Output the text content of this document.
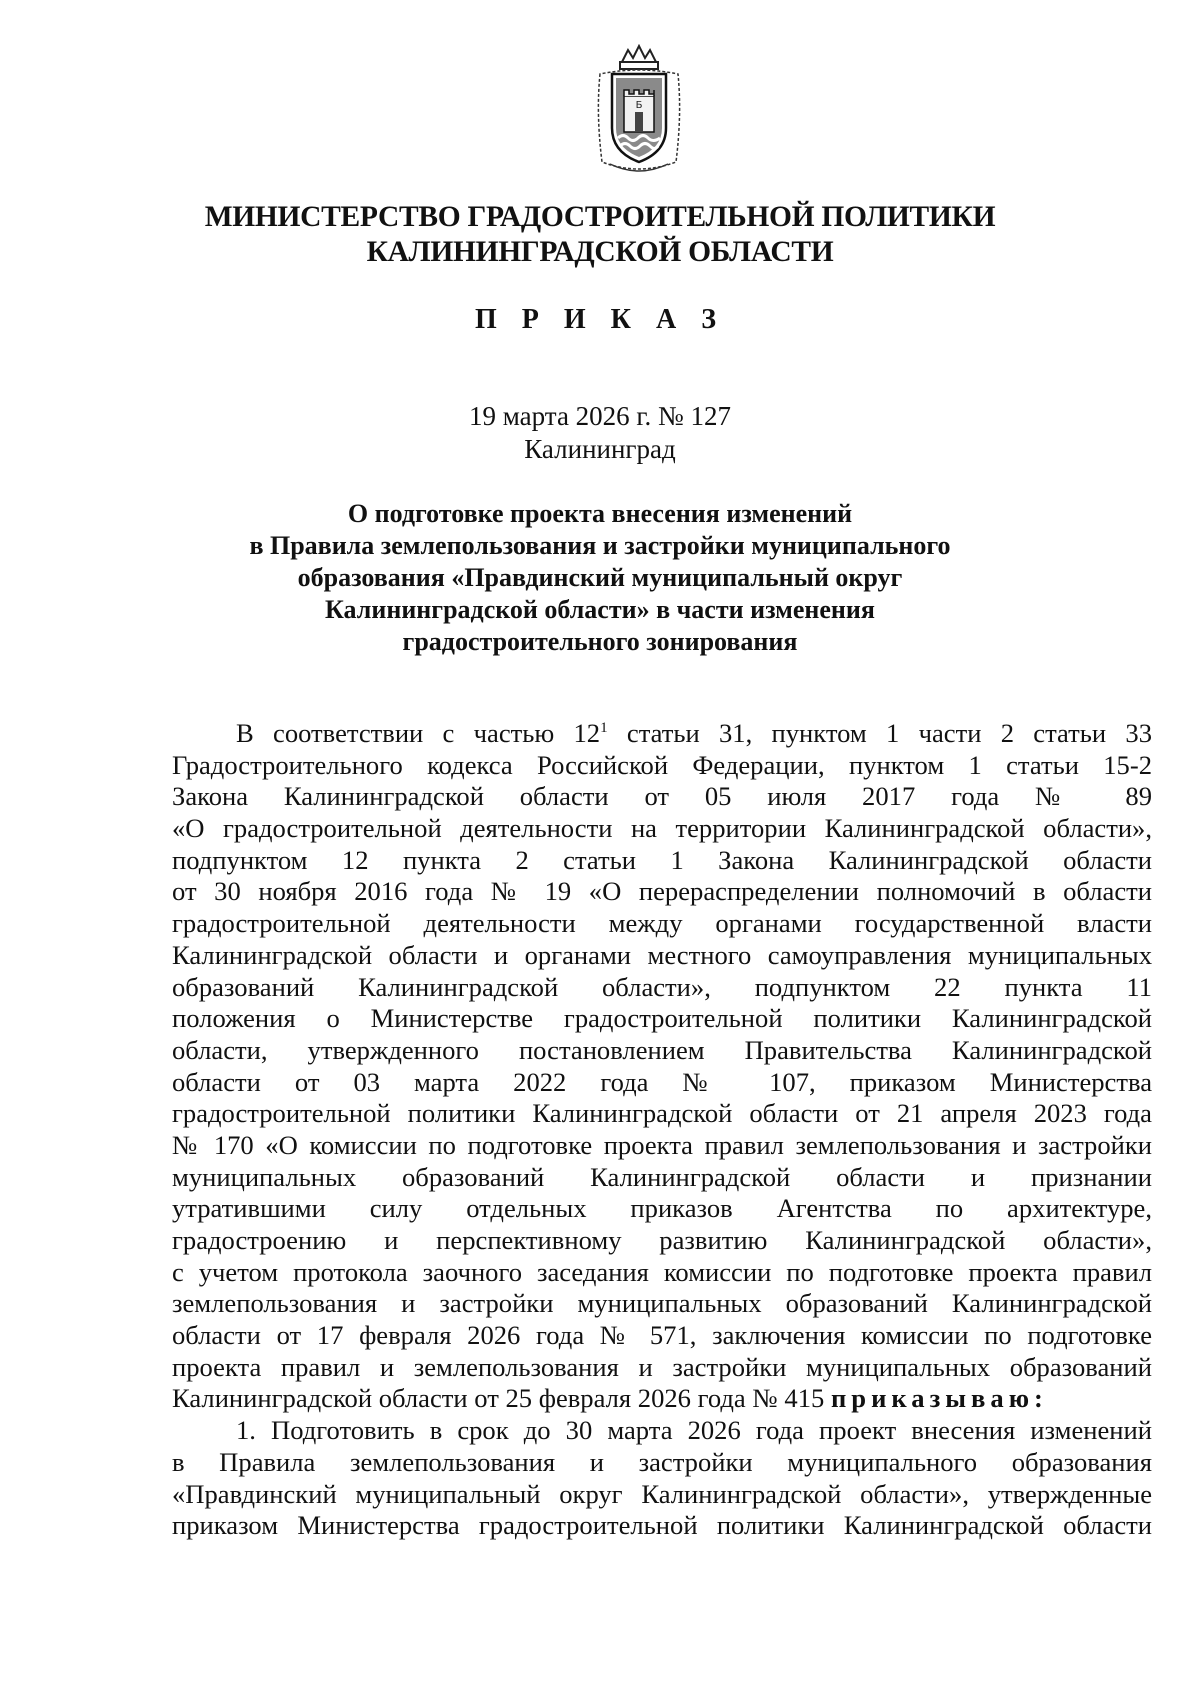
Б
МИНИСТЕРСТВО ГРАДОСТРОИТЕЛЬНОЙ ПОЛИТИКИ
КАЛИНИНГРАДСКОЙ ОБЛАСТИ
П Р И К А З
19 марта 2026 г. № 127
Калининград
О подготовке проекта внесения изменений
в Правила землепользования и застройки муниципального
образования «Правдинский муниципальный округ
Калининградской области» в части изменения
градостроительного зонирования
В соответствии с частью $12^1$ статьи 31, пунктом 1 части 2 статьи 33
Градостроительного кодекса Российской Федерации, пунктом 1 статьи 15-2
Закона Калининградской области от 05 июля 2017 года № 89
«О градостроительной деятельности на территории Калининградской области»,
подпунктом 12 пункта 2 статьи 1 Закона Калининградской области
от 30 ноября 2016 года № 19 «О перераспределении полномочий в области
градостроительной деятельности между органами государственной власти
Калининградской области и органами местного самоуправления муниципальных
образований Калининградской области», подпунктом 22 пункта 11
положения о Министерстве градостроительной политики Калининградской
области, утвержденного постановлением Правительства Калининградской
области от 03 марта 2022 года № 107, приказом Министерства
градостроительной политики Калининградской области от 21 апреля 2023 года
№ 170 «О комиссии по подготовке проекта правил землепользования и застройки
муниципальных образований Калининградской области и признании
утратившими силу отдельных приказов Агентства по архитектуре,
градостроению и перспективному развитию Калининградской области»,
с учетом протокола заочного заседания комиссии по подготовке проекта правил
землепользования и застройки муниципальных образований Калининградской
области от 17 февраля 2026 года № 571, заключения комиссии по подготовке
проекта правил и землепользования и застройки муниципальных образований
Калининградской области от 25 февраля 2026 года № 415 приказываю:
1. Подготовить в срок до 30 марта 2026 года проект внесения изменений
в Правила землепользования и застройки муниципального образования
«Правдинский муниципальный округ Калининградской области», утвержденные
приказом Министерства градостроительной политики Калининградской области
